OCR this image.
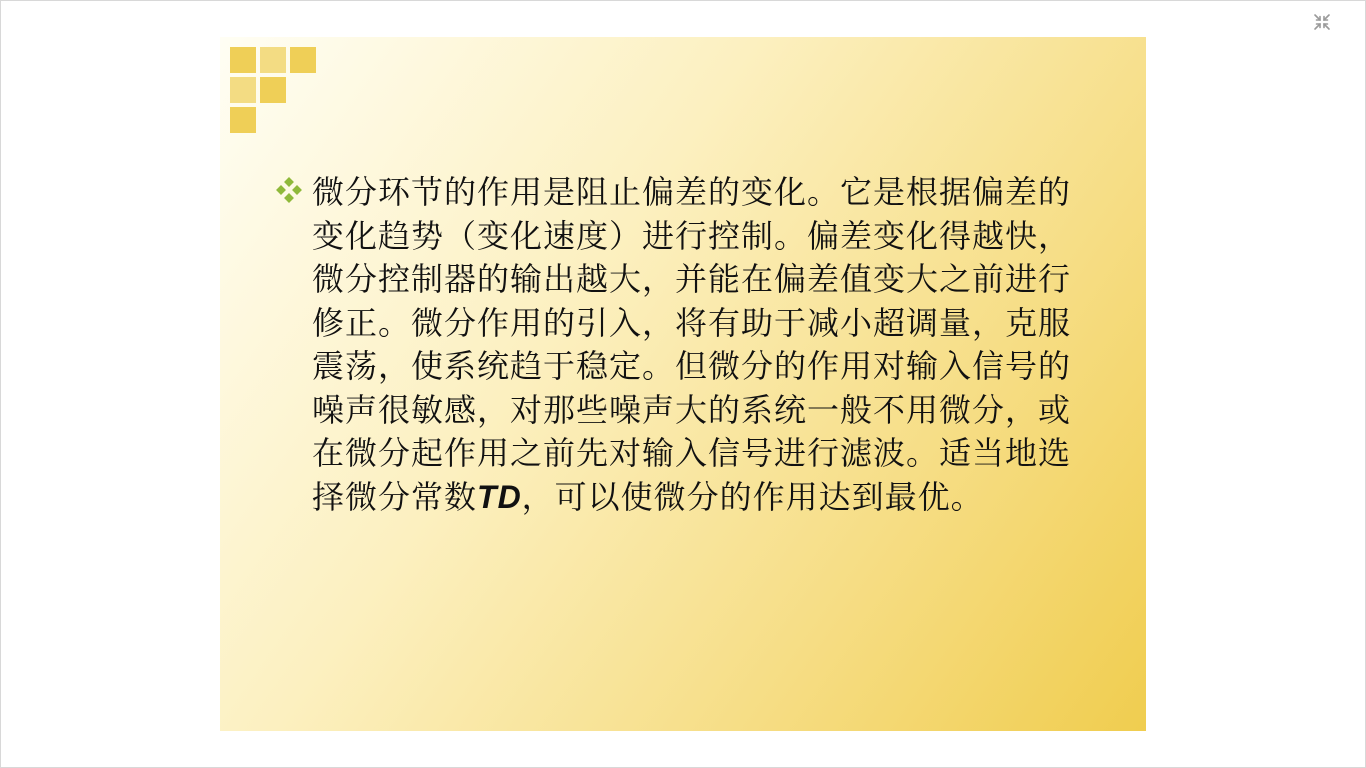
微分环节的作用是阻止偏差的变化。它是根据偏差的变化趋势（变化速度）进行控制。偏差变化得越快，微分控制器的输出越大，并能在偏差值变大之前进行修正。微分作用的引入，将有助于减小超调量，克服震荡，使系统趋于稳定。但微分的作用对输入信号的噪声很敏感，对那些噪声大的系统一般不用微分，或在微分起作用之前先对输入信号进行滤波。适当地选择微分常数TD，可以使微分的作用达到最优。
